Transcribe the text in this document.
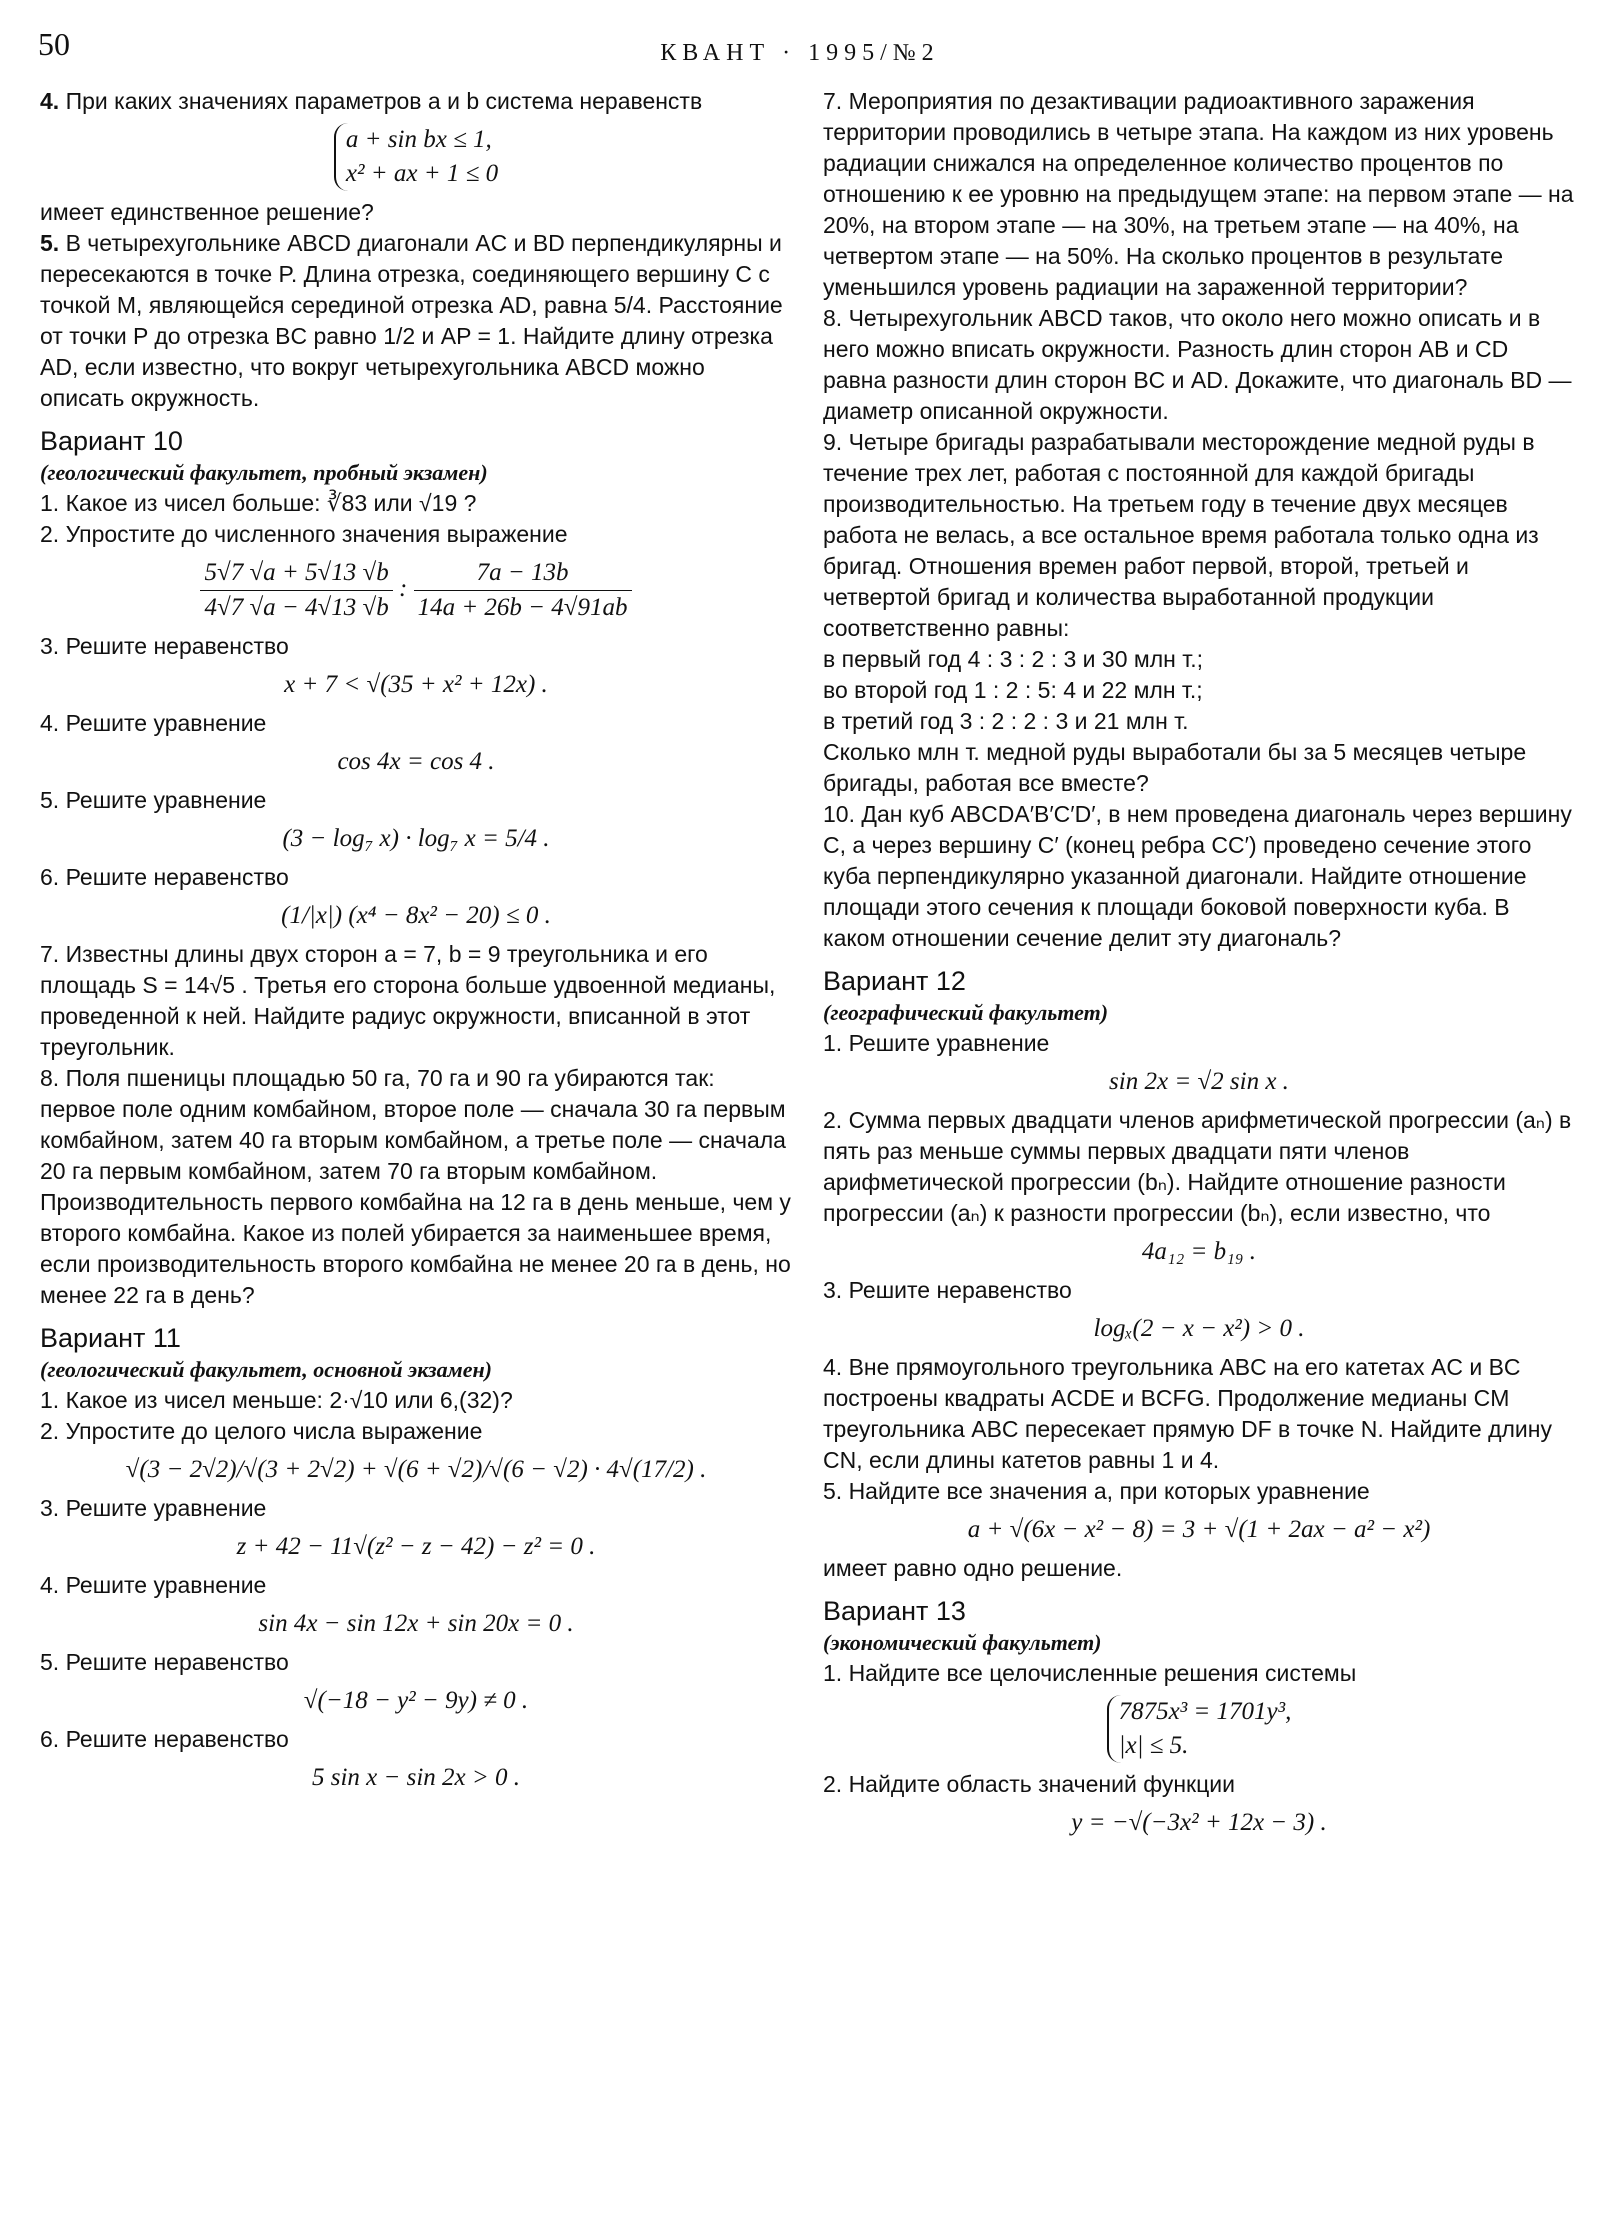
50	КВАНТ · 1995/№2

4. При каких значениях параметров a и b система неравенств

a + sin bx ≤ 1,
x² + ax + 1 ≤ 0

имеет единственное решение?

5. В четырехугольнике ABCD диагонали AC и BD перпендикулярны и пересекаются в точке P. Длина отрезка, соединяющего вершину C с точкой M, являющейся серединой отрезка AD, равна 5/4. Расстояние от точки P до отрезка BC равно 1/2 и AP = 1. Найдите длину отрезка AD, если известно, что вокруг четырехугольника ABCD можно описать окружность.

Вариант 10
(геологический факультет, пробный экзамен)

1. Какое из чисел больше: ∛83 или √19 ?

2. Упростите до численного значения выражение

$\frac{5√7 √a + 5√13 √b}{4√7 √a - 4√13 √b}$ : $\frac{7a - 13b}{14a + 26b - 4√91ab}$

3. Решите неравенство

x + 7 < √(35 + x² + 12x) .

4. Решите уравнение

cos 4x = cos 4 .

5. Решите уравнение

(3 − log₇ x) · log₇ x = 5/4 .

6. Решите неравенство

(1/|x|) (x⁴ − 8x² − 20) ≤ 0 .

7. Известны длины двух сторон a = 7, b = 9 треугольника и его площадь S = 14√5 . Третья его сторона больше удвоенной медианы, проведенной к ней. Найдите радиус окружности, вписанной в этот треугольник.

8. Поля пшеницы площадью 50 га, 70 га и 90 га убираются так: первое поле одним комбайном, второе поле — сначала 30 га первым комбайном, затем 40 га вторым комбайном, а третье поле — сначала 20 га первым комбайном, затем 70 га вторым комбайном. Производительность первого комбайна на 12 га в день меньше, чем у второго комбайна. Какое из полей убирается за наименьшее время, если производительность второго комбайна не менее 20 га в день, но менее 22 га в день?

Вариант 11
(геологический факультет, основной экзамен)

1. Какое из чисел меньше: 2·√10 или 6,(32)?

2. Упростите до целого числа выражение

√(3 − 2√2)/√(3 + 2√2) + √(6 + √2)/√(6 − √2) · 4√(17/2) .

3. Решите уравнение

z + 42 − 11√(z² − z − 42) − z² = 0 .

4. Решите уравнение

sin 4x − sin 12x + sin 20x = 0 .

5. Решите неравенство

√(−18 − y² − 9y) ≠ 0 .

6. Решите неравенство

5 sin x − sin 2x > 0 .

7. Мероприятия по дезактивации радиоактивного заражения территории проводились в четыре этапа. На каждом из них уровень радиации снижался на определенное количество процентов по отношению к ее уровню на предыдущем этапе: на первом этапе — на 20%, на втором этапе — на 30%, на третьем этапе — на 40%, на четвертом этапе — на 50%. На сколько процентов в результате уменьшился уровень радиации на зараженной территории?

8. Четырехугольник ABCD таков, что около него можно описать и в него можно вписать окружности. Разность длин сторон AB и CD равна разности длин сторон BC и AD. Докажите, что диагональ BD — диаметр описанной окружности.

9. Четыре бригады разрабатывали месторождение медной руды в течение трех лет, работая с постоянной для каждой бригады производительностью. На третьем году в течение двух месяцев работа не велась, а все остальное время работала только одна из бригад. Отношения времен работ первой, второй, третьей и четвертой бригад и количества выработанной продукции соответственно равны:

в первый год 4 : 3 : 2 : 3 и 30 млн т.;

во второй год 1 : 2 : 5: 4 и 22 млн т.;

в третий год 3 : 2 : 2 : 3 и 21 млн т.

Сколько млн т. медной руды выработали бы за 5 месяцев четыре бригады, работая все вместе?

10. Дан куб ABCDA′B′C′D′, в нем проведена диагональ через вершину C, а через вершину C′ (конец ребра CC′) проведено сечение этого куба перпендикулярно указанной диагонали. Найдите отношение площади этого сечения к площади боковой поверхности куба. В каком отношении сечение делит эту диагональ?

Вариант 12
(географический факультет)

1. Решите уравнение

sin 2x = √2 sin x .

2. Сумма первых двадцати членов арифметической прогрессии (aₙ) в пять раз меньше суммы первых двадцати пяти членов арифметической прогрессии (bₙ). Найдите отношение разности прогрессии (aₙ) к разности прогрессии (bₙ), если известно, что

4a₁₂ = b₁₉ .

3. Решите неравенство

logₓ(2 − x − x²) > 0 .

4. Вне прямоугольного треугольника ABC на его катетах AC и BC построены квадраты ACDE и BCFG. Продолжение медианы CM треугольника ABC пересекает прямую DF в точке N. Найдите длину CN, если длины катетов равны 1 и 4.

5. Найдите все значения a, при которых уравнение

a + √(6x − x² − 8) = 3 + √(1 + 2ax − a² − x²)

имеет равно одно решение.

Вариант 13
(экономический факультет)

1. Найдите все целочисленные решения системы

7875x³ = 1701y³,
|x| ≤ 5.

2. Найдите область значений функции

y = −√(−3x² + 12x − 3) .
